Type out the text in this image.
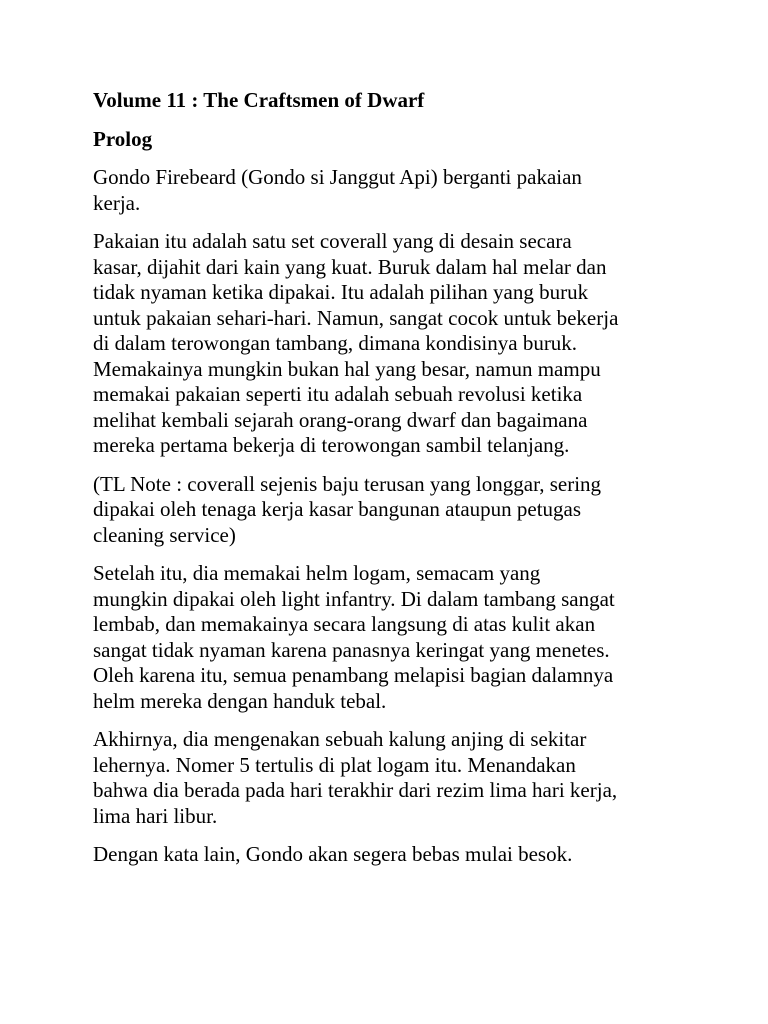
Volume 11 : The Craftsmen of Dwarf
Prolog
Gondo Firebeard (Gondo si Janggut Api) berganti pakaian
kerja.
Pakaian itu adalah satu set coverall yang di desain secara
kasar, dijahit dari kain yang kuat. Buruk dalam hal melar dan
tidak nyaman ketika dipakai. Itu adalah pilihan yang buruk
untuk pakaian sehari-hari. Namun, sangat cocok untuk bekerja
di dalam terowongan tambang, dimana kondisinya buruk.
Memakainya mungkin bukan hal yang besar, namun mampu
memakai pakaian seperti itu adalah sebuah revolusi ketika
melihat kembali sejarah orang-orang dwarf dan bagaimana
mereka pertama bekerja di terowongan sambil telanjang.
(TL Note : coverall sejenis baju terusan yang longgar, sering
dipakai oleh tenaga kerja kasar bangunan ataupun petugas
cleaning service)
Setelah itu, dia memakai helm logam, semacam yang
mungkin dipakai oleh light infantry. Di dalam tambang sangat
lembab, dan memakainya secara langsung di atas kulit akan
sangat tidak nyaman karena panasnya keringat yang menetes.
Oleh karena itu, semua penambang melapisi bagian dalamnya
helm mereka dengan handuk tebal.
Akhirnya, dia mengenakan sebuah kalung anjing di sekitar
lehernya. Nomer 5 tertulis di plat logam itu. Menandakan
bahwa dia berada pada hari terakhir dari rezim lima hari kerja,
lima hari libur.
Dengan kata lain, Gondo akan segera bebas mulai besok.
